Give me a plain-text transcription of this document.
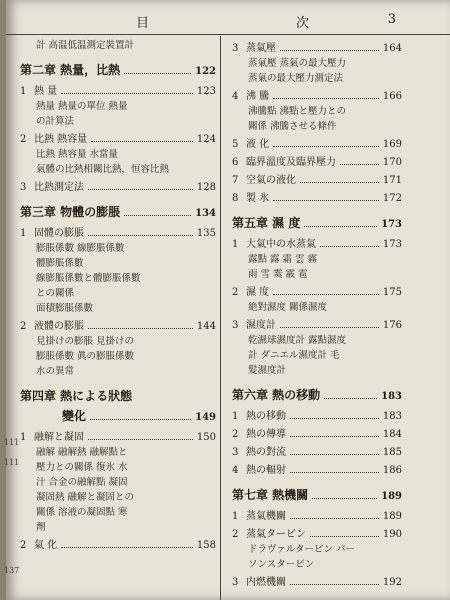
目	次	3
計 高温低温測定裝置計
第二章 熱量，比熱	122
1 熱 量	123
熱量 熱量の單位 熱量
の計算法
2 比熱 熱容量	124
比熱 熱容量 水當量
氣體の比熱相關比熱，恒容比熱
3 比熱測定法	128
第三章 物體の膨脹	134
1 固體の膨脹	135
膨脹係數 線膨脹係數
體膨脹係數
線膨脹係數と體膨脹係數
との關係
面積膨脹係數
2 液體の膨脹	144
見掛けの膨脹 見掛けの
膨脹係數 眞の膨脹係數
水の異常
第四章 熱による狀態
變化	149
1 融解と凝固	150
融解 融解熱 融解點と
壓力との關係 復氷 水
汁 合金の融解點 凝固
凝固熱 融解と凝固との
關係 溶液の凝固點 寒
劑
2 氣 化	158
3 蒸氣壓	164
蒸氣壓 蒸氣の最大壓力
蒸氣の最大壓力測定法
4 沸 騰	166
沸騰點 沸點と壓力との
關係 沸騰させる條件
5 液 化	169
6 臨界溫度及臨界壓力	170
7 空氣の液化	171
8 製 氷	172
第五章 濕 度	173
1 大氣中の水蒸氣	173
露點 露 霜 雲 霧
雨 雪 霙 霰 雹
2 濕 度	175
絶對濕度 關係濕度
3 濕度計	176
乾濕球濕度計 露點濕度
計 ダニエル濕度計 毛
髮濕度計
第六章 熱の移動	183
1 熱の移動	183
2 熱の傳導	184
3 熱の對流	185
4 熱の輻射	186
第七章 熱機關	189
1 蒸氣機關	189
2 蒸氣タービン	190
ドラヴァルタービン パー
ソンスタービン
3 内燃機關	192
111
111
137
